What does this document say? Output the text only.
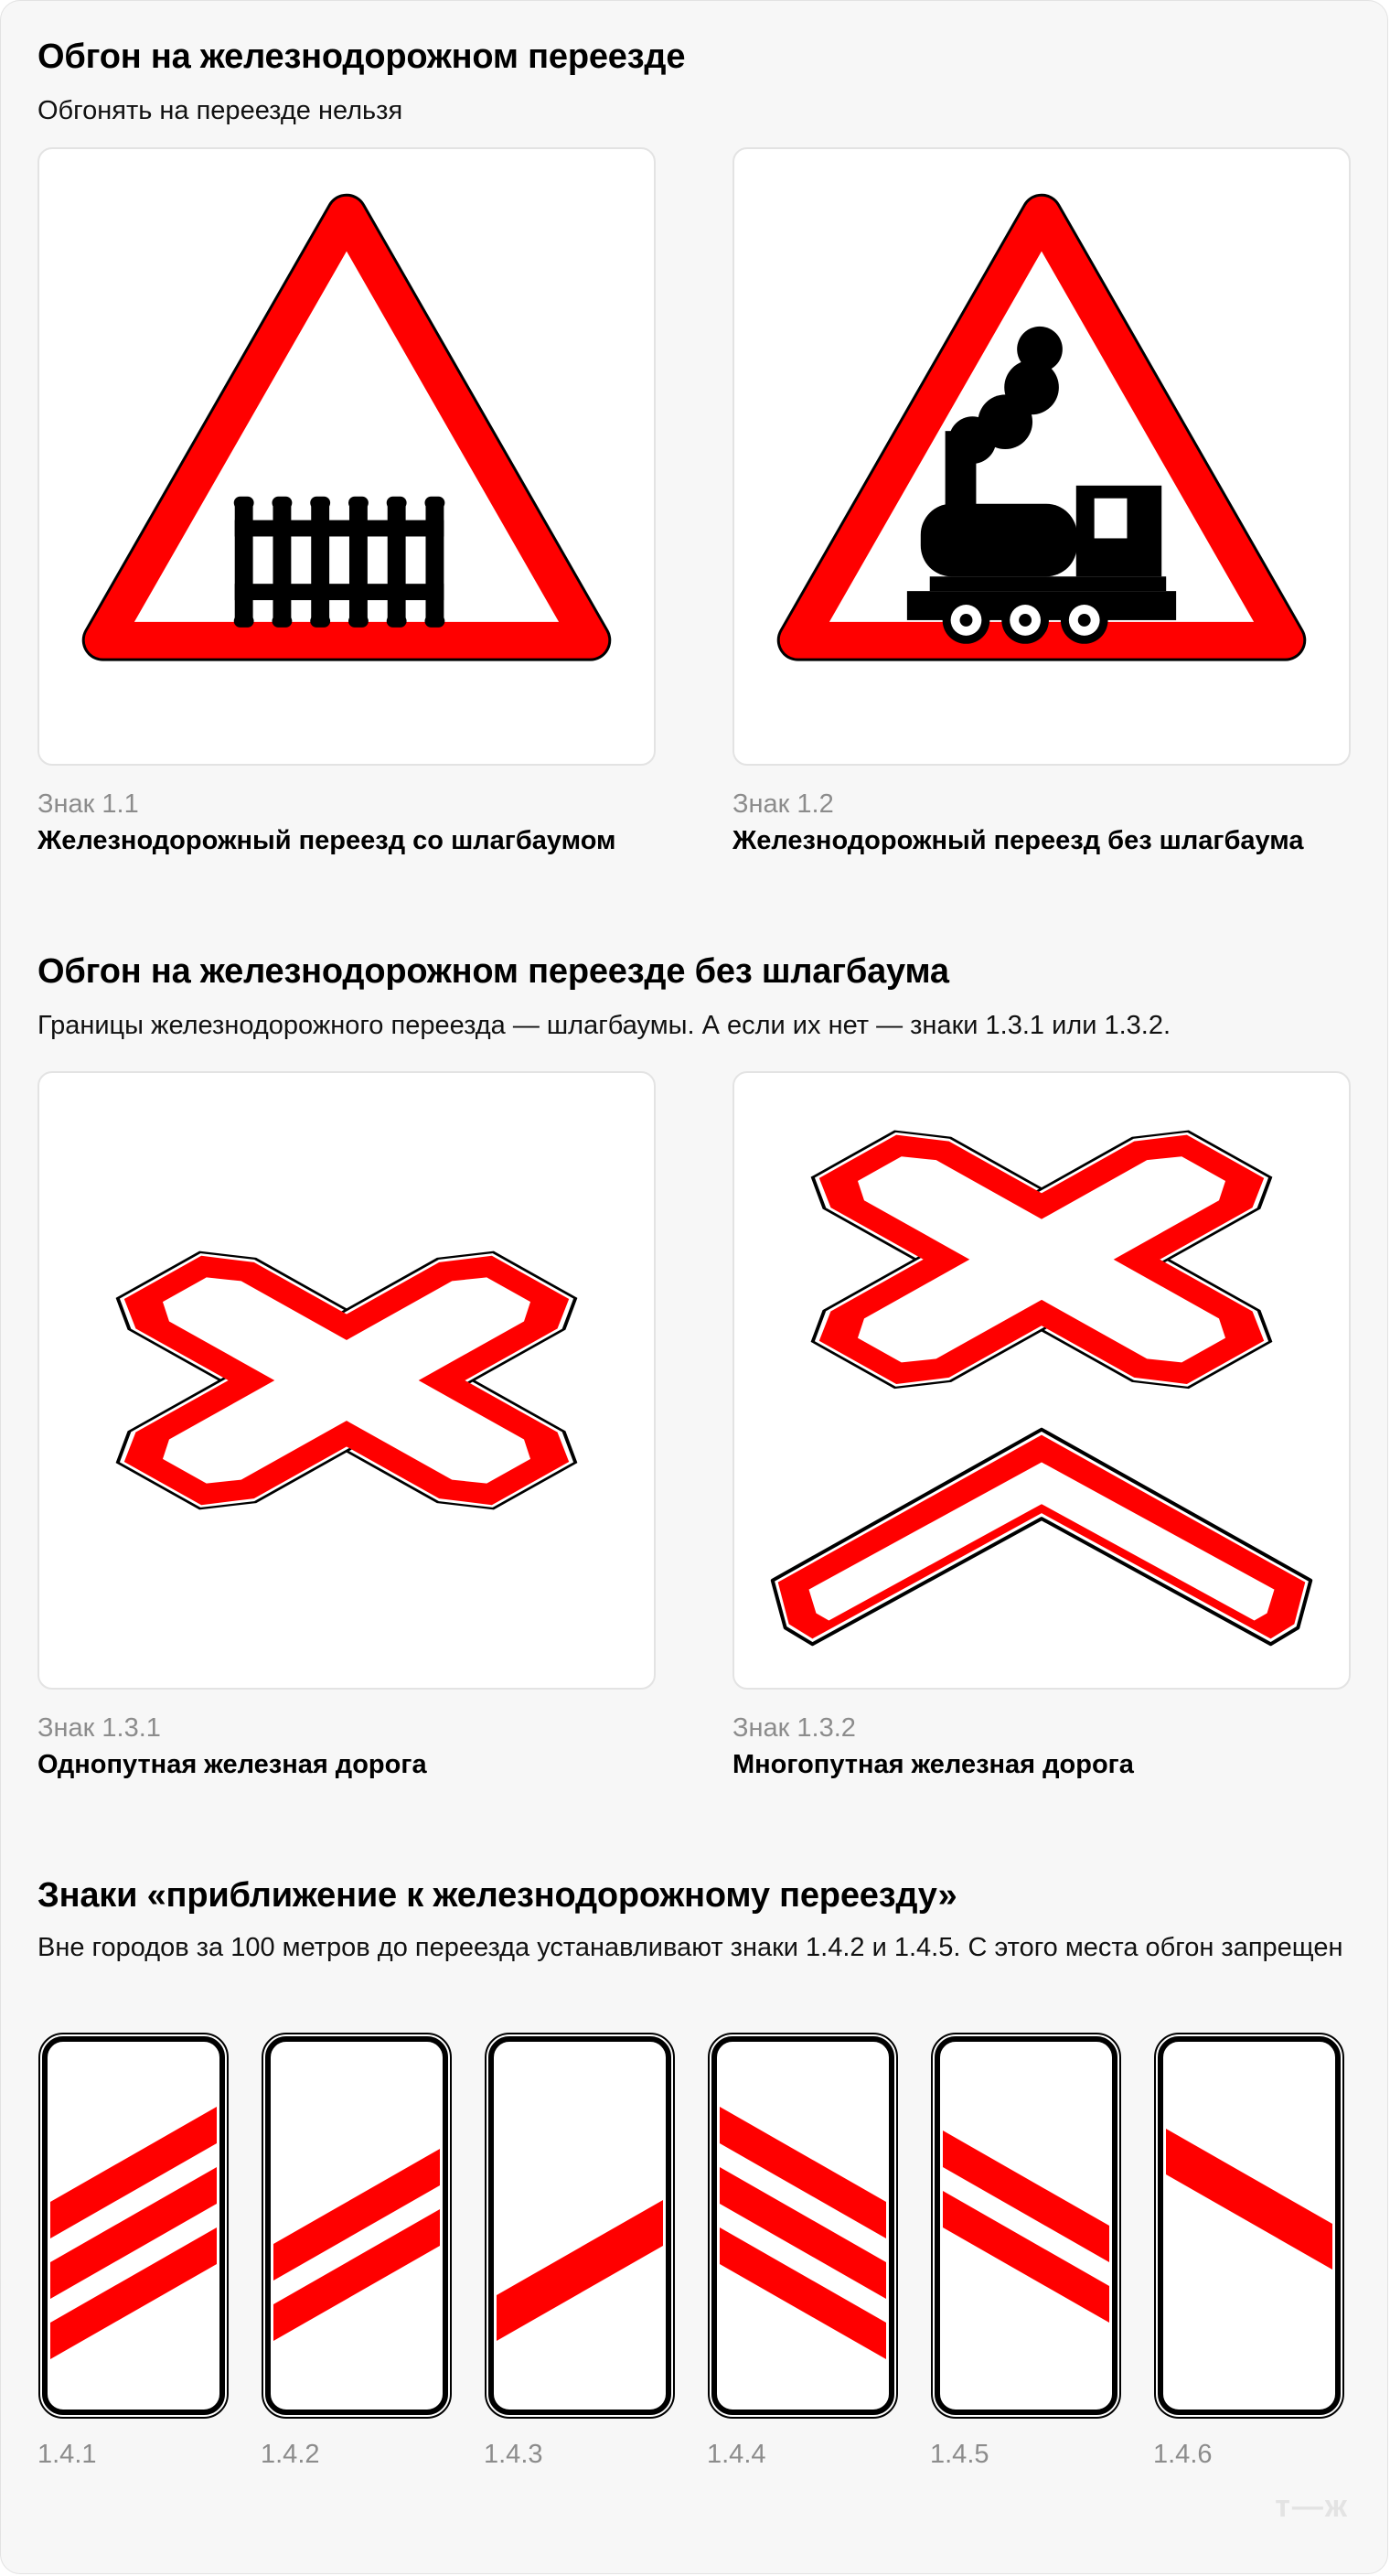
Обгон на железнодорожном переезде

Обгонять на переезде нельзя

Знак 1.1
Железнодорожный переезд со шлагбаумом
Знак 1.2
Железнодорожный переезд без шлагбаума
Обгон на железнодорожном переезде без шлагбаума

Границы железнодорожного переезда — шлагбаумы. А если их нет — знаки 1.3.1 или 1.3.2.

Знак 1.3.1
Однопутная железная дорога
Знак 1.3.2
Многопутная железная дорога
Знаки «приближение к железнодорожному переезду»

Вне городов за 100 метров до переезда устанавливают знаки 1.4.2 и 1.4.5. С этого места обгон запрещен

1.4.1	1.4.2	1.4.3	1.4.4	1.4.5	1.4.6
т—ж
